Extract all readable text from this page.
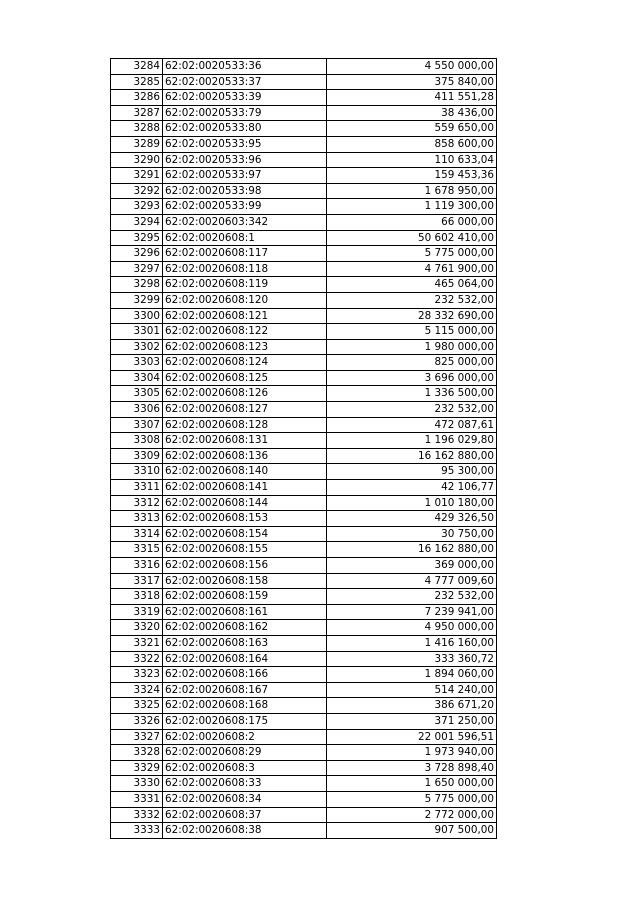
3284	62:02:0020533:36	4 550 000,00
3285	62:02:0020533:37	375 840,00
3286	62:02:0020533:39	411 551,28
3287	62:02:0020533:79	38 436,00
3288	62:02:0020533:80	559 650,00
3289	62:02:0020533:95	858 600,00
3290	62:02:0020533:96	110 633,04
3291	62:02:0020533:97	159 453,36
3292	62:02:0020533:98	1 678 950,00
3293	62:02:0020533:99	1 119 300,00
3294	62:02:0020603:342	66 000,00
3295	62:02:0020608:1	50 602 410,00
3296	62:02:0020608:117	5 775 000,00
3297	62:02:0020608:118	4 761 900,00
3298	62:02:0020608:119	465 064,00
3299	62:02:0020608:120	232 532,00
3300	62:02:0020608:121	28 332 690,00
3301	62:02:0020608:122	5 115 000,00
3302	62:02:0020608:123	1 980 000,00
3303	62:02:0020608:124	825 000,00
3304	62:02:0020608:125	3 696 000,00
3305	62:02:0020608:126	1 336 500,00
3306	62:02:0020608:127	232 532,00
3307	62:02:0020608:128	472 087,61
3308	62:02:0020608:131	1 196 029,80
3309	62:02:0020608:136	16 162 880,00
3310	62:02:0020608:140	95 300,00
3311	62:02:0020608:141	42 106,77
3312	62:02:0020608:144	1 010 180,00
3313	62:02:0020608:153	429 326,50
3314	62:02:0020608:154	30 750,00
3315	62:02:0020608:155	16 162 880,00
3316	62:02:0020608:156	369 000,00
3317	62:02:0020608:158	4 777 009,60
3318	62:02:0020608:159	232 532,00
3319	62:02:0020608:161	7 239 941,00
3320	62:02:0020608:162	4 950 000,00
3321	62:02:0020608:163	1 416 160,00
3322	62:02:0020608:164	333 360,72
3323	62:02:0020608:166	1 894 060,00
3324	62:02:0020608:167	514 240,00
3325	62:02:0020608:168	386 671,20
3326	62:02:0020608:175	371 250,00
3327	62:02:0020608:2	22 001 596,51
3328	62:02:0020608:29	1 973 940,00
3329	62:02:0020608:3	3 728 898,40
3330	62:02:0020608:33	1 650 000,00
3331	62:02:0020608:34	5 775 000,00
3332	62:02:0020608:37	2 772 000,00
3333	62:02:0020608:38	907 500,00
